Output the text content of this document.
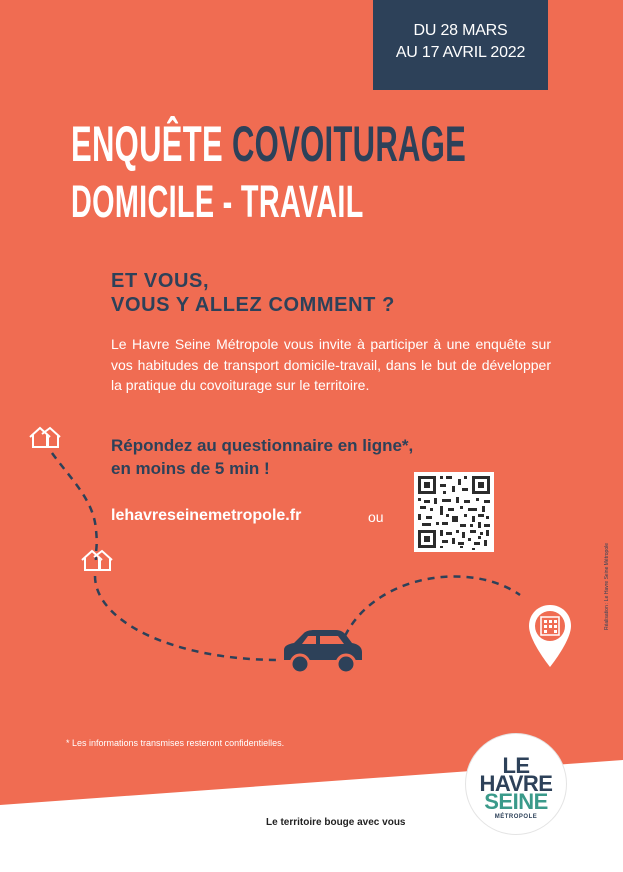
DU 28 MARS
AU 17 AVRIL 2022
ENQUÊTE COVOITURAGE
DOMICILE - TRAVAIL
ET VOUS,
VOUS Y ALLEZ COMMENT ?
Le Havre Seine Métropole vous invite à participer à une enquête sur vos habitudes de transport domicile-travail, dans le but de développer la pratique du covoiturage sur le territoire.
Répondez au questionnaire en ligne*,
en moins de 5 min !
lehavreseinemetropole.fr	ou
* Les informations transmises resteront confidentielles.
Le territoire bouge avec vous
LE
HAVRE
SEINE
MÉTROPOLE
Réalisation : Le Havre Seine Métropole
